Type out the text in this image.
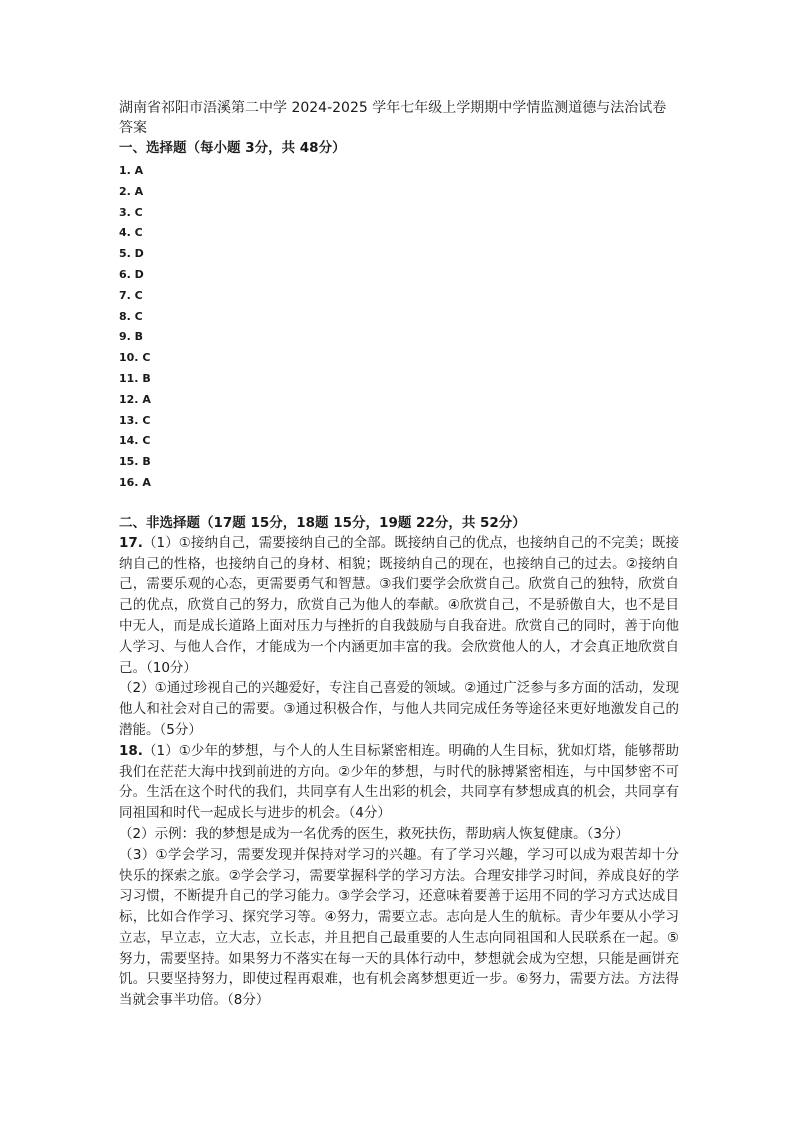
湖南省祁阳市浯溪第二中学 2024-2025 学年七年级上学期期中学情监测道德与法治试卷答案
一、选择题（每小题 3分，共 48分）
1. A
2. A
3. C
4. C
5. D
6. D
7. C
8. C
9. B
10. C
11. B
12. A
13. C
14. C
15. B
16. A
二、非选择题（17题 15分，18题 15分，19题 22分，共 52分）

17.（1）①接纳自己，需要接纳自己的全部。既接纳自己的优点，也接纳自己的不完美；既接纳自己的性格，也接纳自己的身材、相貌；既接纳自己的现在，也接纳自己的过去。②接纳自己，需要乐观的心态，更需要勇气和智慧。③我们要学会欣赏自己。欣赏自己的独特，欣赏自己的优点，欣赏自己的努力，欣赏自己为他人的奉献。④欣赏自己，不是骄傲自大，也不是目中无人，而是成长道路上面对压力与挫折的自我鼓励与自我奋进。欣赏自己的同时，善于向他人学习、与他人合作，才能成为一个内涵更加丰富的我。会欣赏他人的人，才会真正地欣赏自己。（10分）

（2）①通过珍视自己的兴趣爱好，专注自己喜爱的领域。②通过广泛参与多方面的活动，发现他人和社会对自己的需要。③通过积极合作，与他人共同完成任务等途径来更好地激发自己的潜能。（5分）

18.（1）①少年的梦想，与个人的人生目标紧密相连。明确的人生目标，犹如灯塔，能够帮助我们在茫茫大海中找到前进的方向。②少年的梦想，与时代的脉搏紧密相连，与中国梦密不可分。生活在这个时代的我们，共同享有人生出彩的机会，共同享有梦想成真的机会，共同享有同祖国和时代一起成长与进步的机会。（4分）

（2）示例：我的梦想是成为一名优秀的医生，救死扶伤，帮助病人恢复健康。（3分）

（3）①学会学习，需要发现并保持对学习的兴趣。有了学习兴趣，学习可以成为艰苦却十分快乐的探索之旅。②学会学习，需要掌握科学的学习方法。合理安排学习时间，养成良好的学习习惯，不断提升自己的学习能力。③学会学习，还意味着要善于运用不同的学习方式达成目标，比如合作学习、探究学习等。④努力，需要立志。志向是人生的航标。青少年要从小学习立志，早立志，立大志，立长志，并且把自己最重要的人生志向同祖国和人民联系在一起。⑤努力，需要坚持。如果努力不落实在每一天的具体行动中，梦想就会成为空想，只能是画饼充饥。只要坚持努力，即使过程再艰难，也有机会离梦想更近一步。⑥努力，需要方法。方法得当就会事半功倍。（8分）
